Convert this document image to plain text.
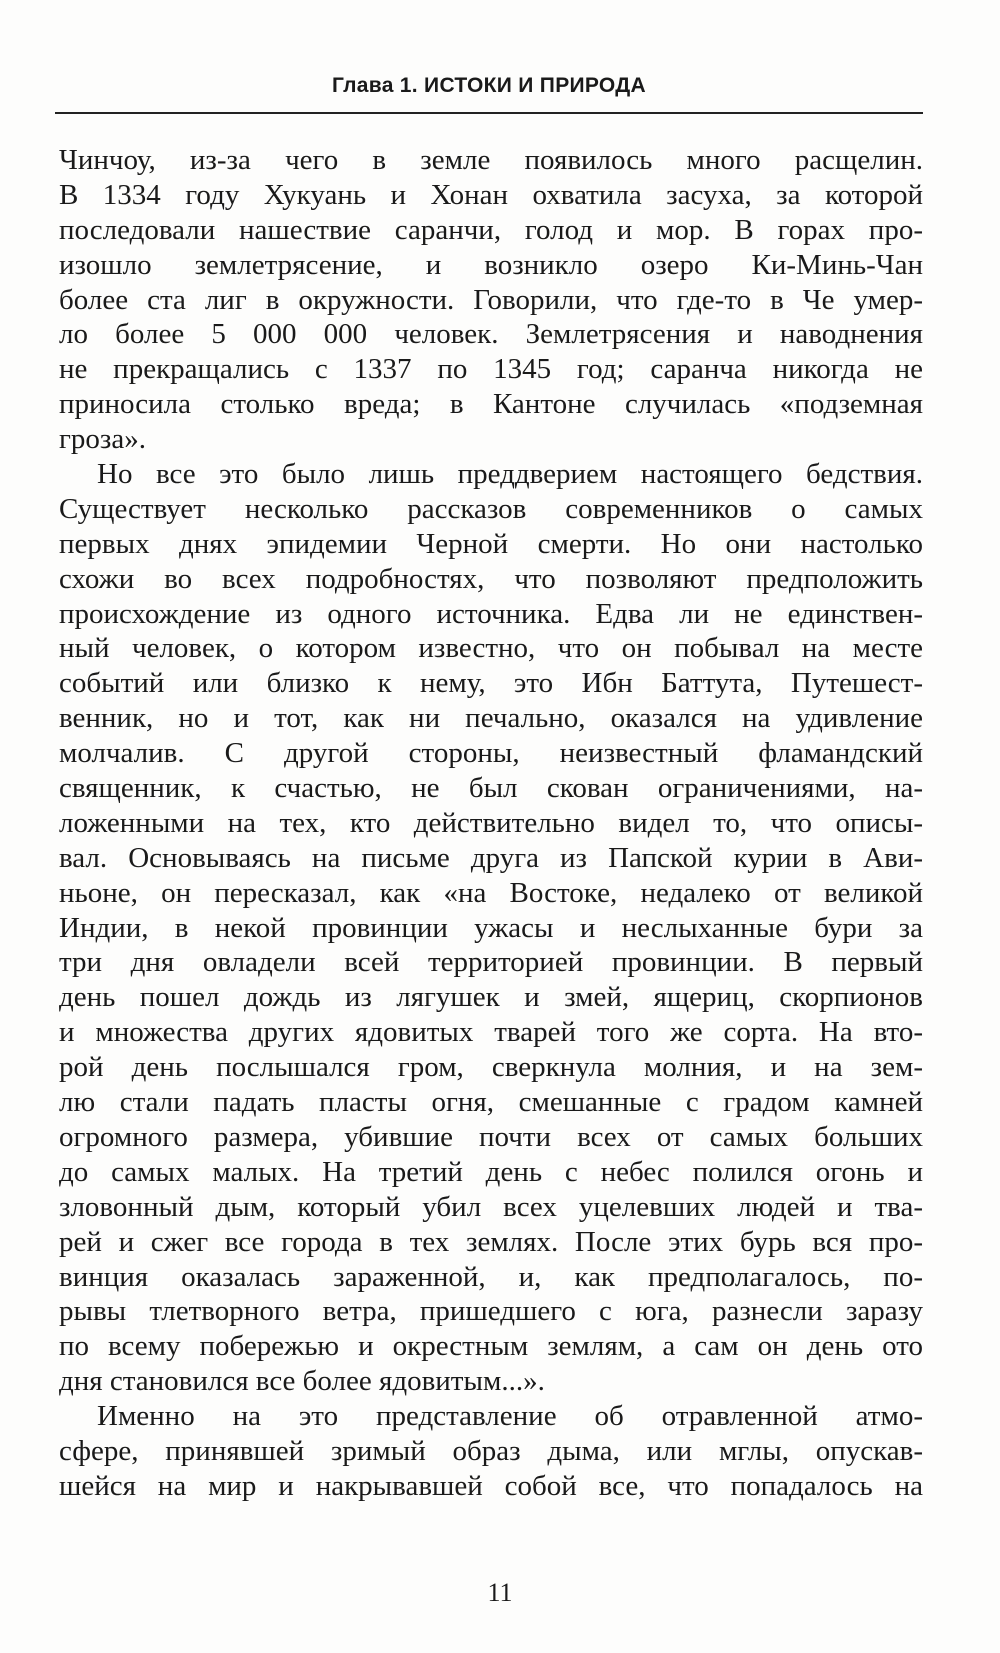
Глава 1. ИСТОКИ И ПРИРОДА
Чинчоу, из-за чего в земле появилось много расщелин.
В 1334 году Хукуань и Хонан охватила засуха, за которой
последовали нашествие саранчи, голод и мор. В горах про-
изошло землетрясение, и возникло озеро Ки-Минь-Чан
более ста лиг в окружности. Говорили, что где-то в Че умер-
ло более 5 000 000 человек. Землетрясения и наводнения
не прекращались с 1337 по 1345 год; саранча никогда не
приносила столько вреда; в Кантоне случилась «подземная
гроза».
Но все это было лишь преддверием настоящего бедствия.
Существует несколько рассказов современников о самых
первых днях эпидемии Черной смерти. Но они настолько
схожи во всех подробностях, что позволяют предположить
происхождение из одного источника. Едва ли не единствен-
ный человек, о котором известно, что он побывал на месте
событий или близко к нему, это Ибн Баттута, Путешест-
венник, но и тот, как ни печально, оказался на удивление
молчалив. С другой стороны, неизвестный фламандский
священник, к счастью, не был скован ограничениями, на-
ложенными на тех, кто действительно видел то, что описы-
вал. Основываясь на письме друга из Папской курии в Ави-
ньоне, он пересказал, как «на Востоке, недалеко от великой
Индии, в некой провинции ужасы и неслыханные бури за
три дня овладели всей территорией провинции. В первый
день пошел дождь из лягушек и змей, ящериц, скорпионов
и множества других ядовитых тварей того же сорта. На вто-
рой день послышался гром, сверкнула молния, и на зем-
лю стали падать пласты огня, смешанные с градом камней
огромного размера, убившие почти всех от самых больших
до самых малых. На третий день с небес полился огонь и
зловонный дым, который убил всех уцелевших людей и тва-
рей и сжег все города в тех землях. После этих бурь вся про-
винция оказалась зараженной, и, как предполагалось, по-
рывы тлетворного ветра, пришедшего с юга, разнесли заразу
по всему побережью и окрестным землям, а сам он день ото
дня становился все более ядовитым...».
Именно на это представление об отравленной атмо-
сфере, принявшей зримый образ дыма, или мглы, опускав-
шейся на мир и накрывавшей собой все, что попадалось на
11
